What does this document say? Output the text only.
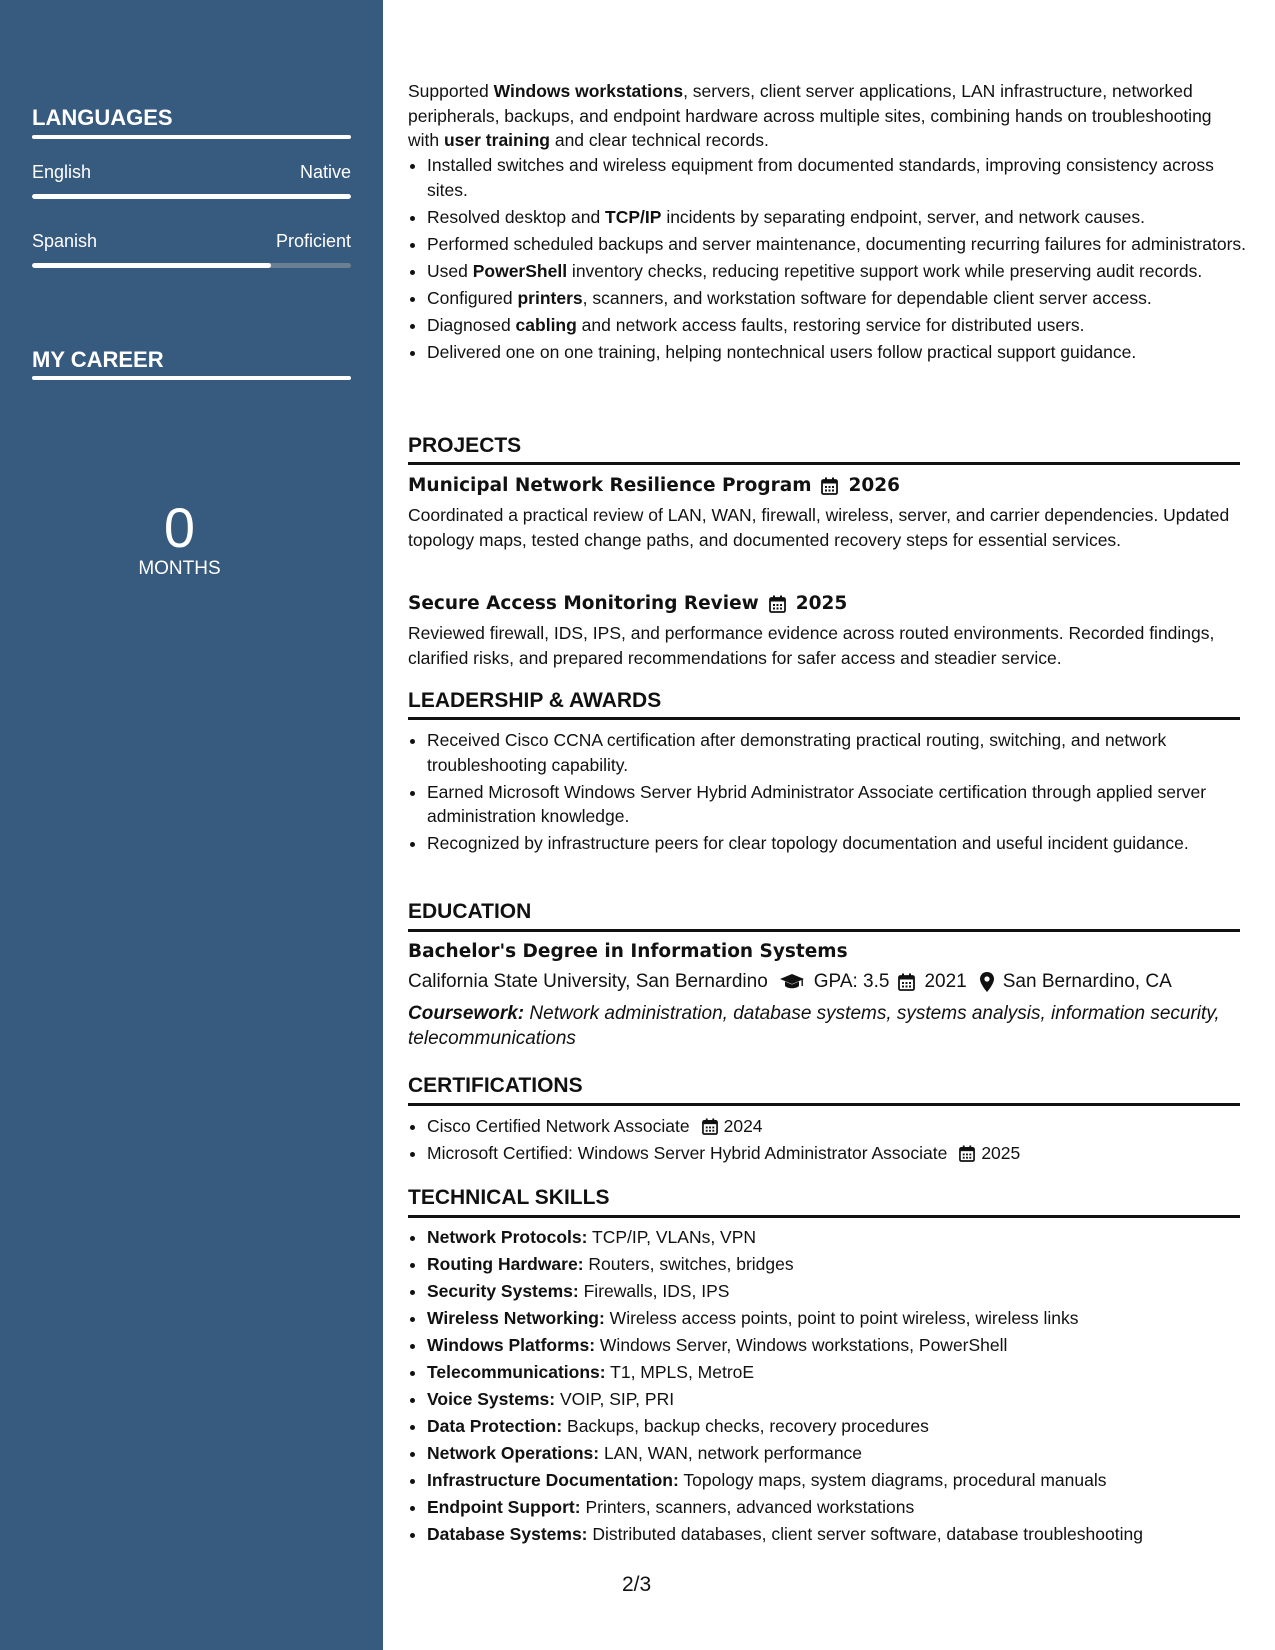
LANGUAGES
English	Native
Spanish	Proficient
MY CAREER
0
MONTHS
Supported Windows workstations, servers, client server applications, LAN infrastructure, networked peripherals, backups, and endpoint hardware across multiple sites, combining hands on troubleshooting with user training and clear technical records.
• Installed switches and wireless equipment from documented standards, improving consistency across sites.
• Resolved desktop and TCP/IP incidents by separating endpoint, server, and network causes.
• Performed scheduled backups and server maintenance, documenting recurring failures for administrators.
• Used PowerShell inventory checks, reducing repetitive support work while preserving audit records.
• Configured printers, scanners, and workstation software for dependable client server access.
• Diagnosed cabling and network access faults, restoring service for distributed users.
• Delivered one on one training, helping nontechnical users follow practical support guidance.
PROJECTS
Municipal Network Resilience Program 2026
Coordinated a practical review of LAN, WAN, firewall, wireless, server, and carrier dependencies. Updated topology maps, tested change paths, and documented recovery steps for essential services.
Secure Access Monitoring Review 2025
Reviewed firewall, IDS, IPS, and performance evidence across routed environments. Recorded findings, clarified risks, and prepared recommendations for safer access and steadier service.
LEADERSHIP & AWARDS
• Received Cisco CCNA certification after demonstrating practical routing, switching, and network troubleshooting capability.
• Earned Microsoft Windows Server Hybrid Administrator Associate certification through applied server administration knowledge.
• Recognized by infrastructure peers for clear topology documentation and useful incident guidance.
EDUCATION
Bachelor's Degree in Information Systems
California State University, San Bernardino GPA: 3.5 2021 San Bernardino, CA
Coursework: Network administration, database systems, systems analysis, information security, telecommunications
CERTIFICATIONS
• Cisco Certified Network Associate 2024
• Microsoft Certified: Windows Server Hybrid Administrator Associate 2025
TECHNICAL SKILLS
• Network Protocols: TCP/IP, VLANs, VPN
• Routing Hardware: Routers, switches, bridges
• Security Systems: Firewalls, IDS, IPS
• Wireless Networking: Wireless access points, point to point wireless, wireless links
• Windows Platforms: Windows Server, Windows workstations, PowerShell
• Telecommunications: T1, MPLS, MetroE
• Voice Systems: VOIP, SIP, PRI
• Data Protection: Backups, backup checks, recovery procedures
• Network Operations: LAN, WAN, network performance
• Infrastructure Documentation: Topology maps, system diagrams, procedural manuals
• Endpoint Support: Printers, scanners, advanced workstations
• Database Systems: Distributed databases, client server software, database troubleshooting
2/3
